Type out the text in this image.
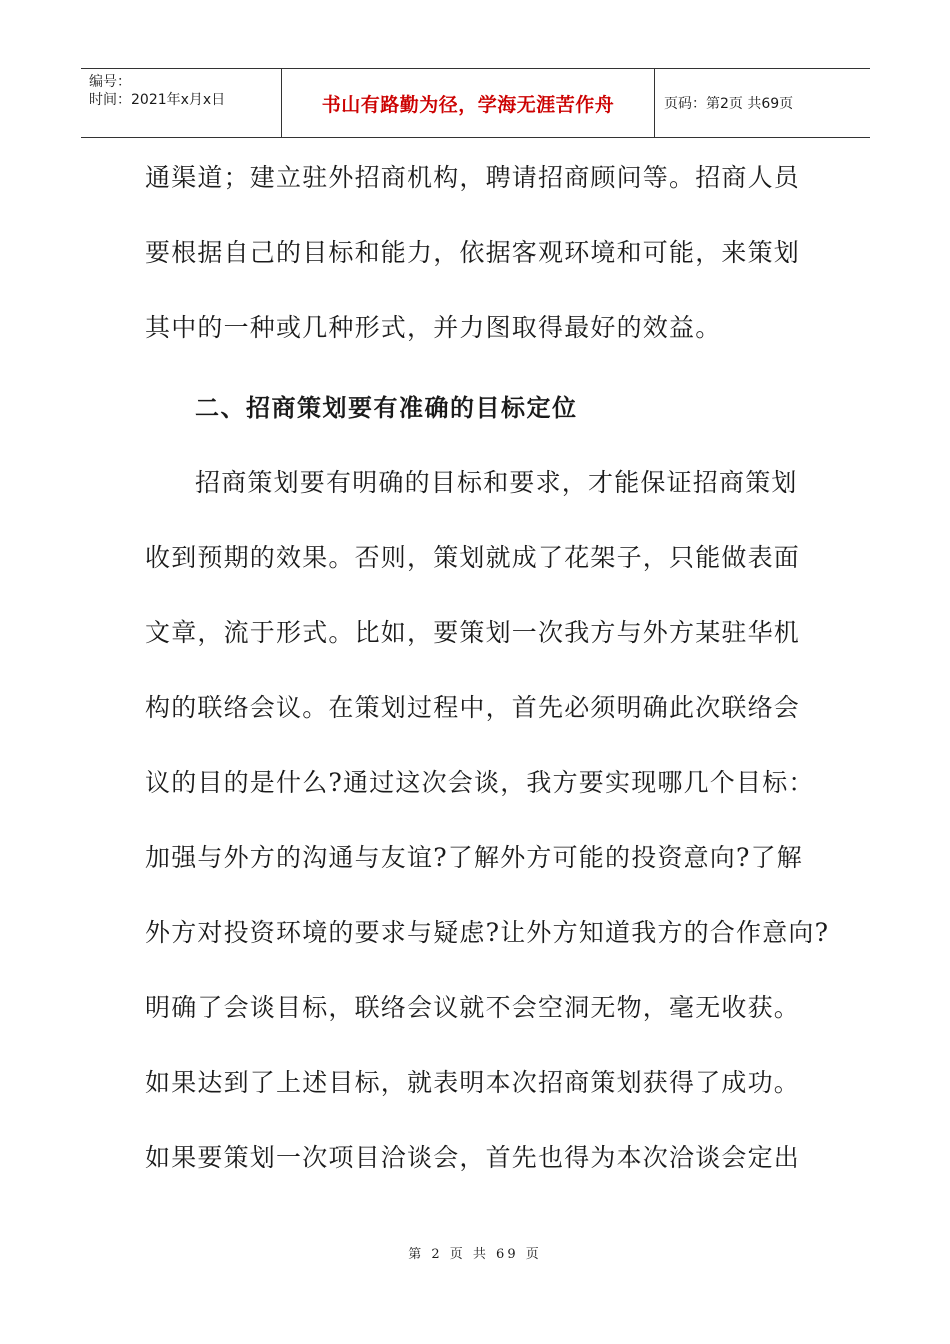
编号：
时间：2021年x月x日	书山有路勤为径，学海无涯苦作舟	页码：第2页 共69页
通渠道；建立驻外招商机构，聘请招商顾问等。招商人员
要根据自己的目标和能力，依据客观环境和可能，来策划
其中的一种或几种形式，并力图取得最好的效益。
二、招商策划要有准确的目标定位
招商策划要有明确的目标和要求，才能保证招商策划
收到预期的效果。否则，策划就成了花架子，只能做表面
文章，流于形式。比如，要策划一次我方与外方某驻华机
构的联络会议。在策划过程中，首先必须明确此次联络会
议的目的是什么?通过这次会谈，我方要实现哪几个目标：
加强与外方的沟通与友谊?了解外方可能的投资意向?了解
外方对投资环境的要求与疑虑?让外方知道我方的合作意向?
明确了会谈目标，联络会议就不会空洞无物，毫无收获。
如果达到了上述目标，就表明本次招商策划获得了成功。
如果要策划一次项目洽谈会，首先也得为本次洽谈会定出
第 2 页 共 69 页
